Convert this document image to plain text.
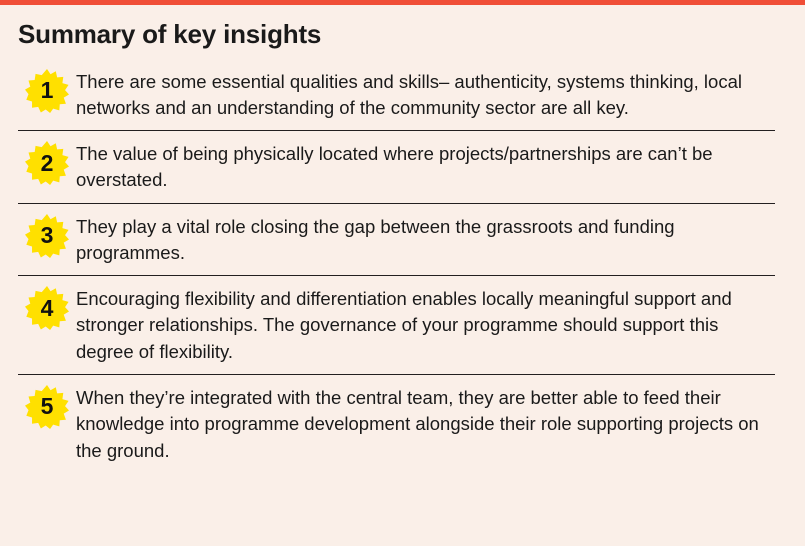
Summary of key insights
1 There are some essential qualities and skills– authenticity, systems thinking, local networks and an understanding of the community sector are all key.
2 The value of being physically located where projects/partnerships are can’t be overstated.
3 They play a vital role closing the gap between the grassroots and funding programmes.
4 Encouraging flexibility and differentiation enables locally meaningful support and stronger relationships. The governance of your programme should support this degree of flexibility.
5 When they’re integrated with the central team, they are better able to feed their knowledge into programme development alongside their role supporting projects on the ground.
